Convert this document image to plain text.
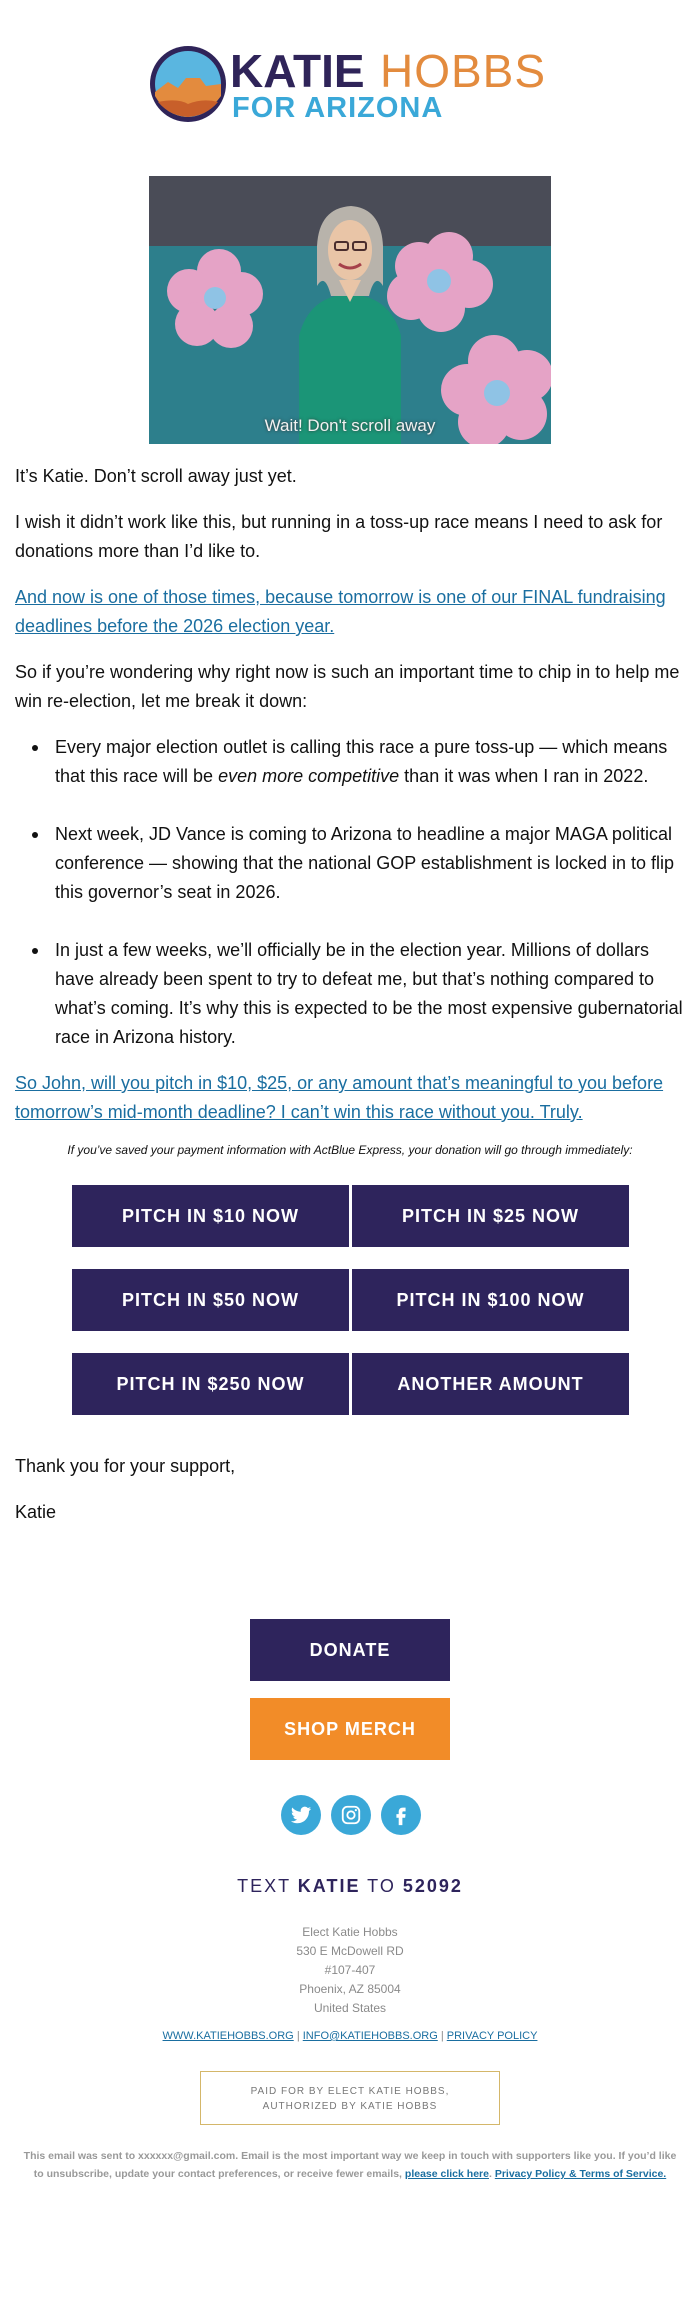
KATIE HOBBS
FOR ARIZONA
Wait! Don't scroll away

It’s Katie. Don’t scroll away just yet.

I wish it didn’t work like this, but running in a toss-up race means I need to ask for donations more than I’d like to.

And now is one of those times, because tomorrow is one of our FINAL fundraising deadlines before the 2026 election year.

So if you’re wondering why right now is such an important time to chip in to help me win re-election, let me break it down:

Every major election outlet is calling this race a pure toss-up — which means that this race will be even more competitive than it was when I ran in 2022.
Next week, JD Vance is coming to Arizona to headline a major MAGA political conference — showing that the national GOP establishment is locked in to flip this governor’s seat in 2026.
In just a few weeks, we’ll officially be in the election year. Millions of dollars have already been spent to try to defeat me, but that’s nothing compared to what’s coming. It’s why this is expected to be the most expensive gubernatorial race in Arizona history.

So John, will you pitch in $10, $25, or any amount that’s meaningful to you before tomorrow’s mid-month deadline? I can’t win this race without you. Truly.

If you’ve saved your payment information with ActBlue Express, your donation will go through immediately:

PITCH IN $10 NOW	PITCH IN $25 NOW
PITCH IN $50 NOW	PITCH IN $100 NOW
PITCH IN $250 NOW	ANOTHER AMOUNT

Thank you for your support,

Katie

DONATE
SHOP MERCH
TEXT KATIE TO 52092
Elect Katie Hobbs
530 E McDowell RD
#107-407
Phoenix, AZ 85004
United States
WWW.KATIEHOBBS.ORG | INFO@KATIEHOBBS.ORG | PRIVACY POLICY
PAID FOR BY ELECT KATIE HOBBS,
AUTHORIZED BY KATIE HOBBS

This email was sent to xxxxxx@gmail.com. Email is the most important way we keep in touch with supporters like you. If you’d like to unsubscribe, update your contact preferences, or receive fewer emails, please click here. Privacy Policy & Terms of Service.
